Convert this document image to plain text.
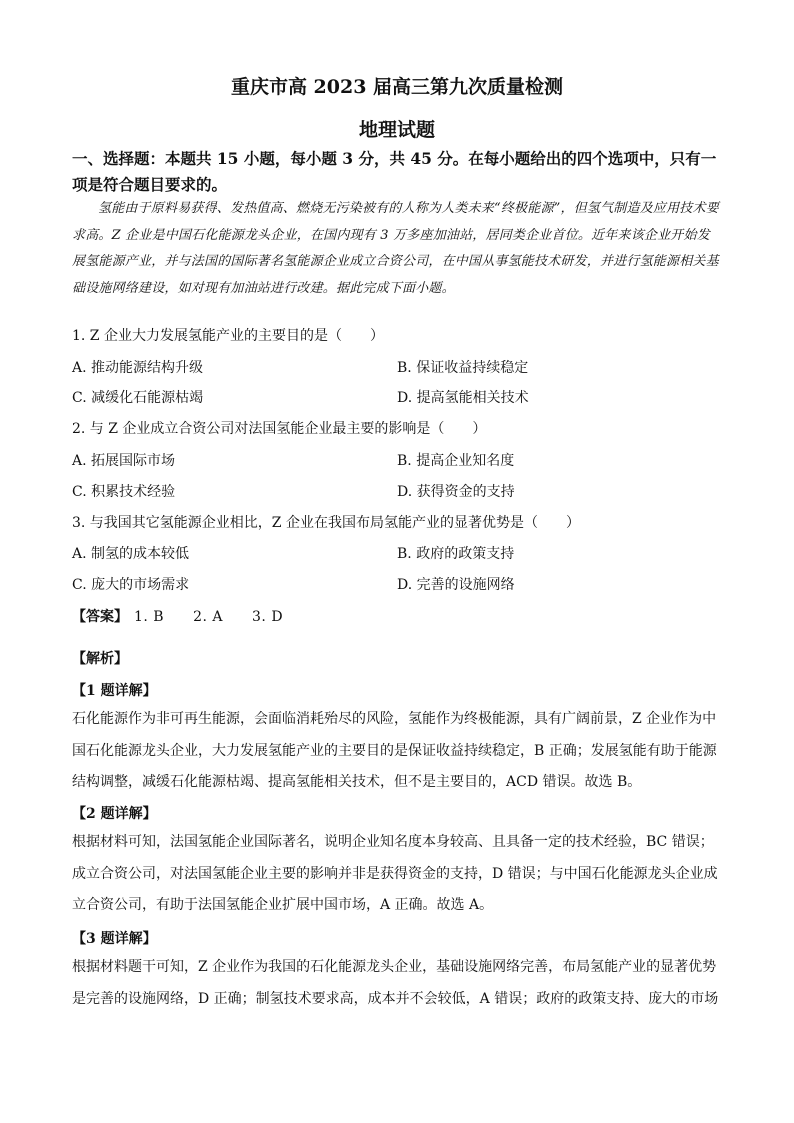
重庆市高 2023 届高三第九次质量检测
地理试题
一、选择题：本题共 15 小题，每小题 3 分，共 45 分。在每小题给出的四个选项中，只有一项是符合题目要求的。
氢能由于原料易获得、发热值高、燃烧无污染被有的人称为人类未来“终极能源”，但氢气制造及应用技术要求高。Z 企业是中国石化能源龙头企业，在国内现有 3 万多座加油站，居同类企业首位。近年来该企业开始发展氢能源产业，并与法国的国际著名氢能源企业成立合资公司，在中国从事氢能技术研发，并进行氢能源相关基础设施网络建设，如对现有加油站进行改建。据此完成下面小题。
1. Z 企业大力发展氢能产业的主要目的是（　　）
A. 推动能源结构升级	B. 保证收益持续稳定
C. 减缓化石能源枯竭	D. 提高氢能相关技术
2. 与 Z 企业成立合资公司对法国氢能企业最主要的影响是（　　）
A. 拓展国际市场	B. 提高企业知名度
C. 积累技术经验	D. 获得资金的支持
3. 与我国其它氢能源企业相比，Z 企业在我国布局氢能产业的显著优势是（　　）
A. 制氢的成本较低	B. 政府的政策支持
C. 庞大的市场需求	D. 完善的设施网络
【答案】 1. B　　2. A　　3. D
【解析】
【1 题详解】
石化能源作为非可再生能源，会面临消耗殆尽的风险，氢能作为终极能源，具有广阔前景，Z 企业作为中国石化能源龙头企业，大力发展氢能产业的主要目的是保证收益持续稳定，B 正确；发展氢能有助于能源结构调整，减缓石化能源枯竭、提高氢能相关技术，但不是主要目的，ACD 错误。故选 B。
【2 题详解】
根据材料可知，法国氢能企业国际著名，说明企业知名度本身较高、且具备一定的技术经验，BC 错误；成立合资公司，对法国氢能企业主要的影响并非是获得资金的支持，D 错误；与中国石化能源龙头企业成立合资公司，有助于法国氢能企业扩展中国市场，A 正确。故选 A。
【3 题详解】
根据材料题干可知，Z 企业作为我国的石化能源龙头企业，基础设施网络完善，布局氢能产业的显著优势是完善的设施网络，D 正确；制氢技术要求高，成本并不会较低，A 错误；政府的政策支持、庞大的市场
